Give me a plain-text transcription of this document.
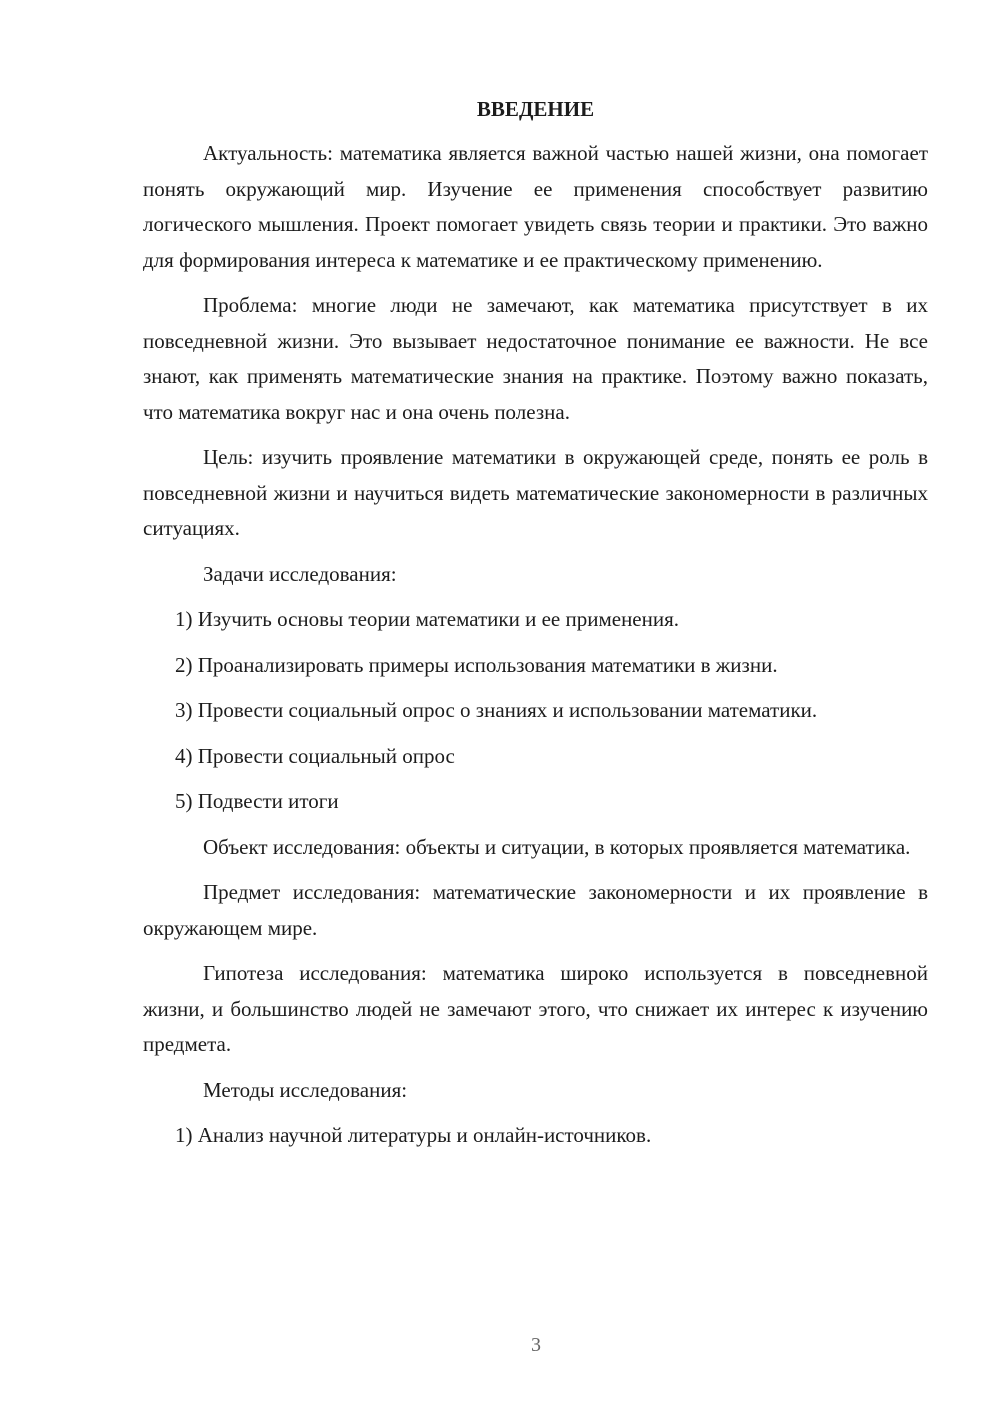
ВВЕДЕНИЕ

Актуальность: математика является важной частью нашей жизни, она помогает понять окружающий мир. Изучение ее применения способствует развитию логического мышления. Проект помогает увидеть связь теории и практики. Это важно для формирования интереса к математике и ее практическому применению.

Проблема: многие люди не замечают, как математика присутствует в их повседневной жизни. Это вызывает недостаточное понимание ее важности. Не все знают, как применять математические знания на практике. Поэтому важно показать, что математика вокруг нас и она очень полезна.

Цель: изучить проявление математики в окружающей среде, понять ее роль в повседневной жизни и научиться видеть математические закономерности в различных ситуациях.

Задачи исследования:

1) Изучить основы теории математики и ее применения.

2) Проанализировать примеры использования математики в жизни.

3) Провести социальный опрос о знаниях и использовании математики.

4) Провести социальный опрос

5) Подвести итоги

Объект исследования: объекты и ситуации, в которых проявляется математика.

Предмет исследования: математические закономерности и их проявление в окружающем мире.

Гипотеза исследования: математика широко используется в повседневной жизни, и большинство людей не замечают этого, что снижает их интерес к изучению предмета.

Методы исследования:

1) Анализ научной литературы и онлайн-источников.

3
